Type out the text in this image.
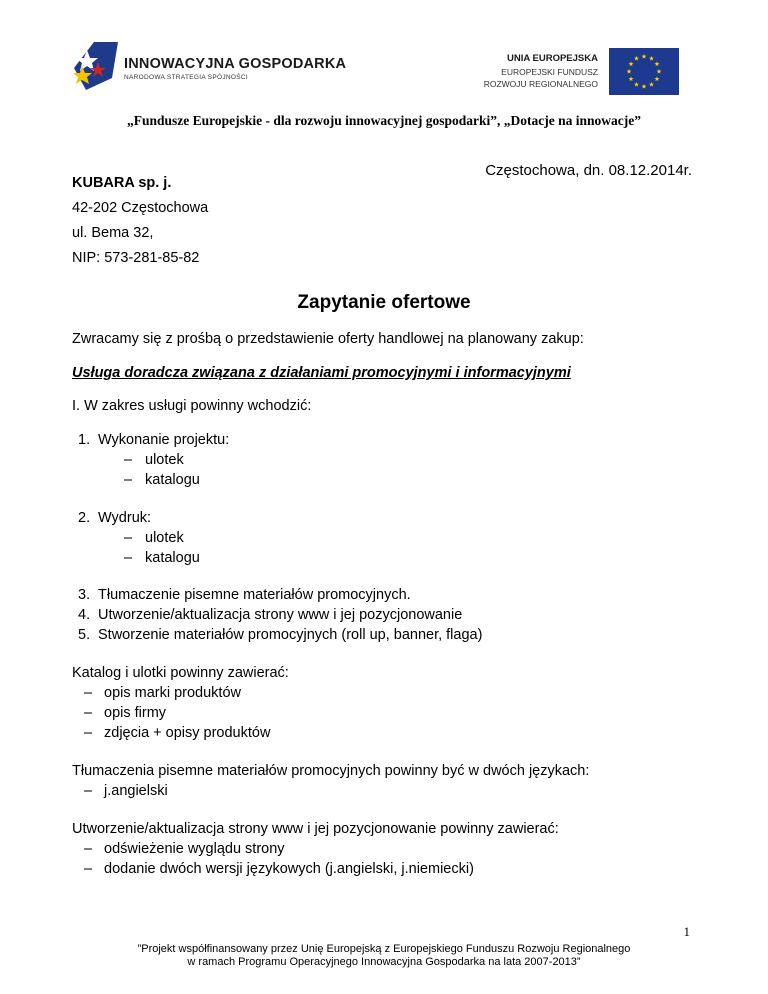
INNOWACYJNA GOSPODARKA
NARODOWA STRATEGIA SPÓJNOŚCI
UNIA EUROPEJSKA
EUROPEJSKI FUNDUSZ
ROZWOJU REGIONALNEGO
„Fundusze Europejskie - dla rozwoju innowacyjnej gospodarki”, „Dotacje na innowacje”
Częstochowa, dn. 08.12.2014r.
KUBARA sp. j.
42-202 Częstochowa
ul. Bema 32,
NIP: 573-281-85-82
Zapytanie ofertowe
Zwracamy się z prośbą o przedstawienie oferty handlowej na planowany zakup:
Usługa doradcza związana z działaniami promocyjnymi i informacyjnymi
I. W zakres usługi powinny wchodzić:
1. Wykonanie projektu:
– ulotek
– katalogu
2. Wydruk:
– ulotek
– katalogu
3. Tłumaczenie pisemne materiałów promocyjnych.
4. Utworzenie/aktualizacja strony www i jej pozycjonowanie
5. Stworzenie materiałów promocyjnych (roll up, banner, flaga)
Katalog i ulotki powinny zawierać:
– opis marki produktów
– opis firmy
– zdjęcia + opisy produktów
Tłumaczenia pisemne materiałów promocyjnych powinny być w dwóch językach:
– j.angielski
Utworzenie/aktualizacja strony www i jej pozycjonowanie powinny zawierać:
– odświeżenie wyglądu strony
– dodanie dwóch wersji językowych (j.angielski, j.niemiecki)
1
”Projekt współfinansowany przez Unię Europejską z Europejskiego Funduszu Rozwoju Regionalnego
w ramach Programu Operacyjnego Innowacyjna Gospodarka na lata 2007-2013”
